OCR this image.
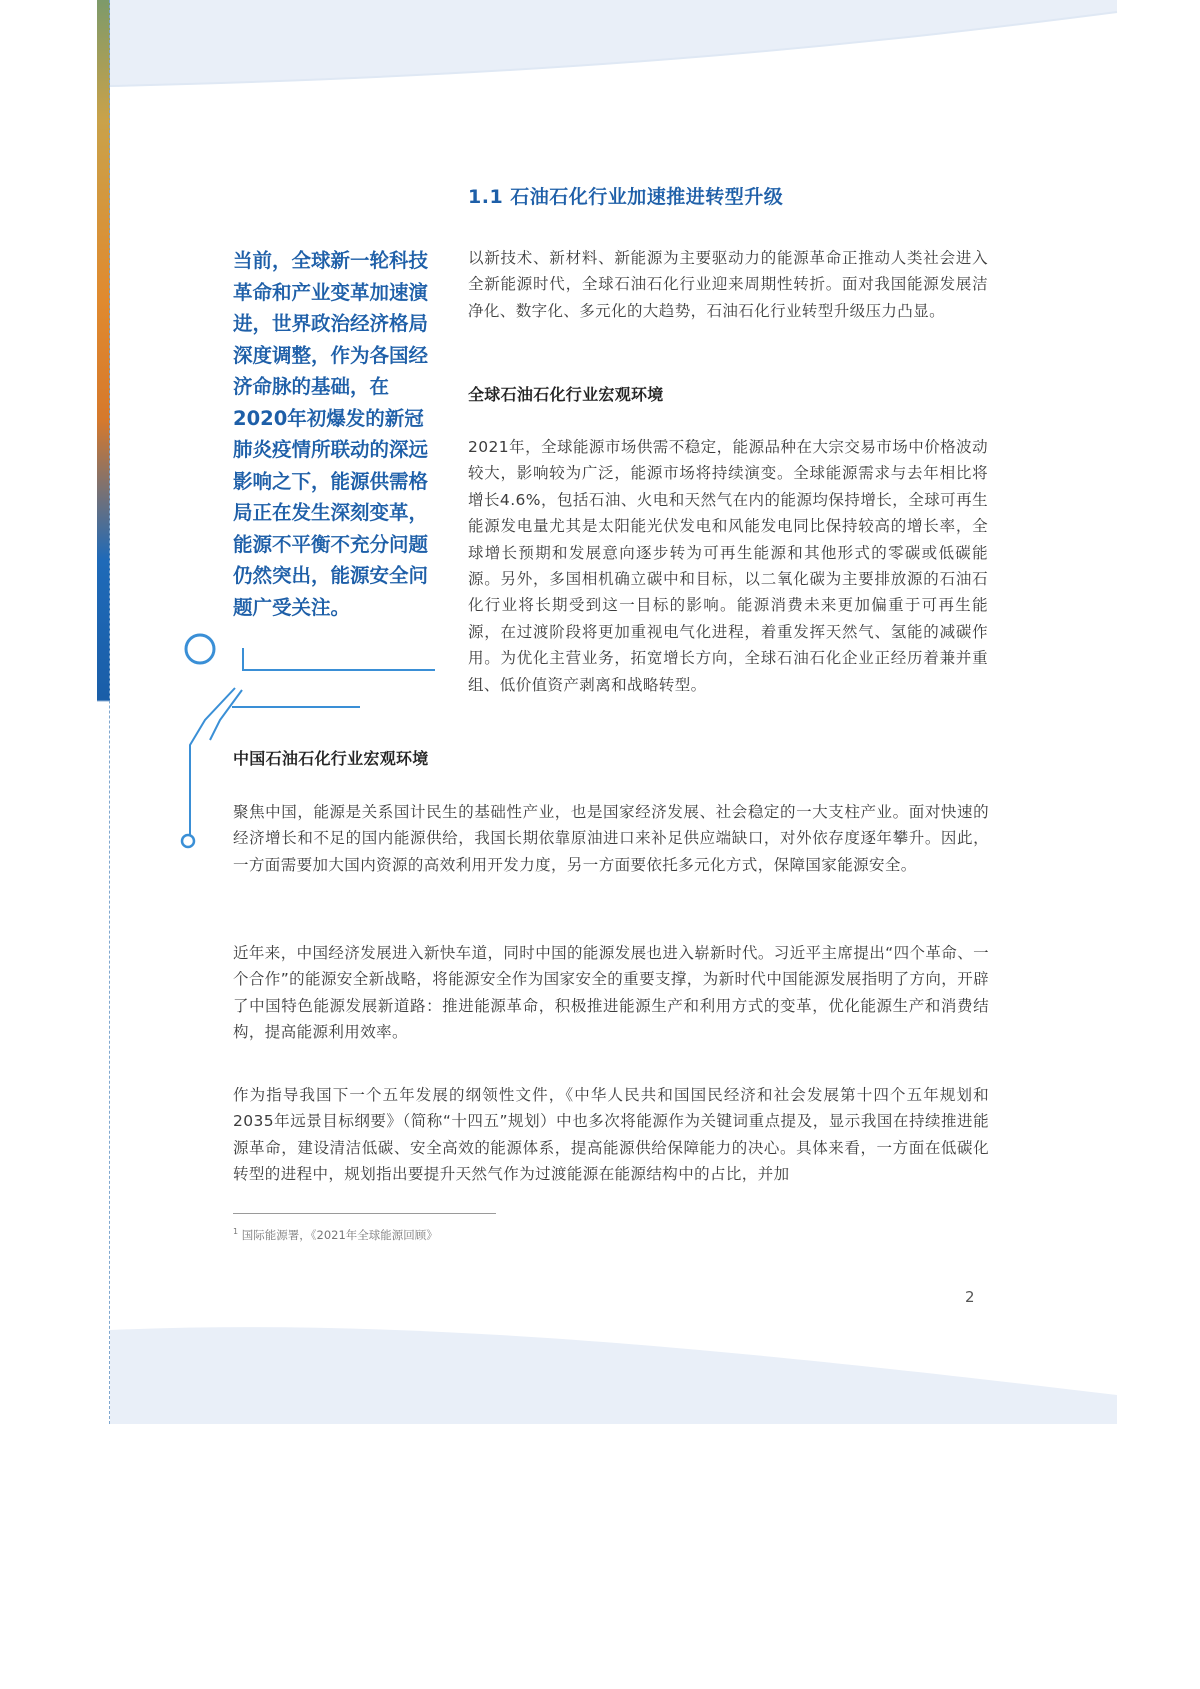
1.1 石油石化行业加速推进转型升级

当前，全球新一轮科技革命和产业变革加速演进，世界政治经济格局深度调整，作为各国经济命脉的基础，在2020年初爆发的新冠肺炎疫情所联动的深远影响之下，能源供需格局正在发生深刻变革，能源不平衡不充分问题仍然突出，能源安全问题广受关注。

以新技术、新材料、新能源为主要驱动力的能源革命正推动人类社会进入全新能源时代，全球石油石化行业迎来周期性转折。面对我国能源发展洁净化、数字化、多元化的大趋势，石油石化行业转型升级压力凸显。

全球石油石化行业宏观环境

2021年，全球能源市场供需不稳定，能源品种在大宗交易市场中价格波动较大，影响较为广泛，能源市场将持续演变。全球能源需求与去年相比将增长4.6%，包括石油、火电和天然气在内的能源均保持增长，全球可再生能源发电量尤其是太阳能光伏发电和风能发电同比保持较高的增长率，全球增长预期和发展意向逐步转为可再生能源和其他形式的零碳或低碳能源。另外，多国相机确立碳中和目标，以二氧化碳为主要排放源的石油石化行业将长期受到这一目标的影响。能源消费未来更加偏重于可再生能源，在过渡阶段将更加重视电气化进程，着重发挥天然气、氢能的减碳作用。为优化主营业务，拓宽增长方向，全球石油石化企业正经历着兼并重组、低价值资产剥离和战略转型。

中国石油石化行业宏观环境

聚焦中国，能源是关系国计民生的基础性产业，也是国家经济发展、社会稳定的一大支柱产业。面对快速的经济增长和不足的国内能源供给，我国长期依靠原油进口来补足供应端缺口，对外依存度逐年攀升。因此，一方面需要加大国内资源的高效利用开发力度，另一方面要依托多元化方式，保障国家能源安全。

近年来，中国经济发展进入新快车道，同时中国的能源发展也进入崭新时代。习近平主席提出“四个革命、一个合作”的能源安全新战略，将能源安全作为国家安全的重要支撑，为新时代中国能源发展指明了方向，开辟了中国特色能源发展新道路：推进能源革命，积极推进能源生产和利用方式的变革，优化能源生产和消费结构，提高能源利用效率。

作为指导我国下一个五年发展的纲领性文件，《中华人民共和国国民经济和社会发展第十四个五年规划和2035年远景目标纲要》（简称“十四五”规划）中也多次将能源作为关键词重点提及，显示我国在持续推进能源革命，建设清洁低碳、安全高效的能源体系，提高能源供给保障能力的决心。具体来看，一方面在低碳化转型的进程中，规划指出要提升天然气作为过渡能源在能源结构中的占比，并加

$^1$ 国际能源署，《2021年全球能源回顾》

2
